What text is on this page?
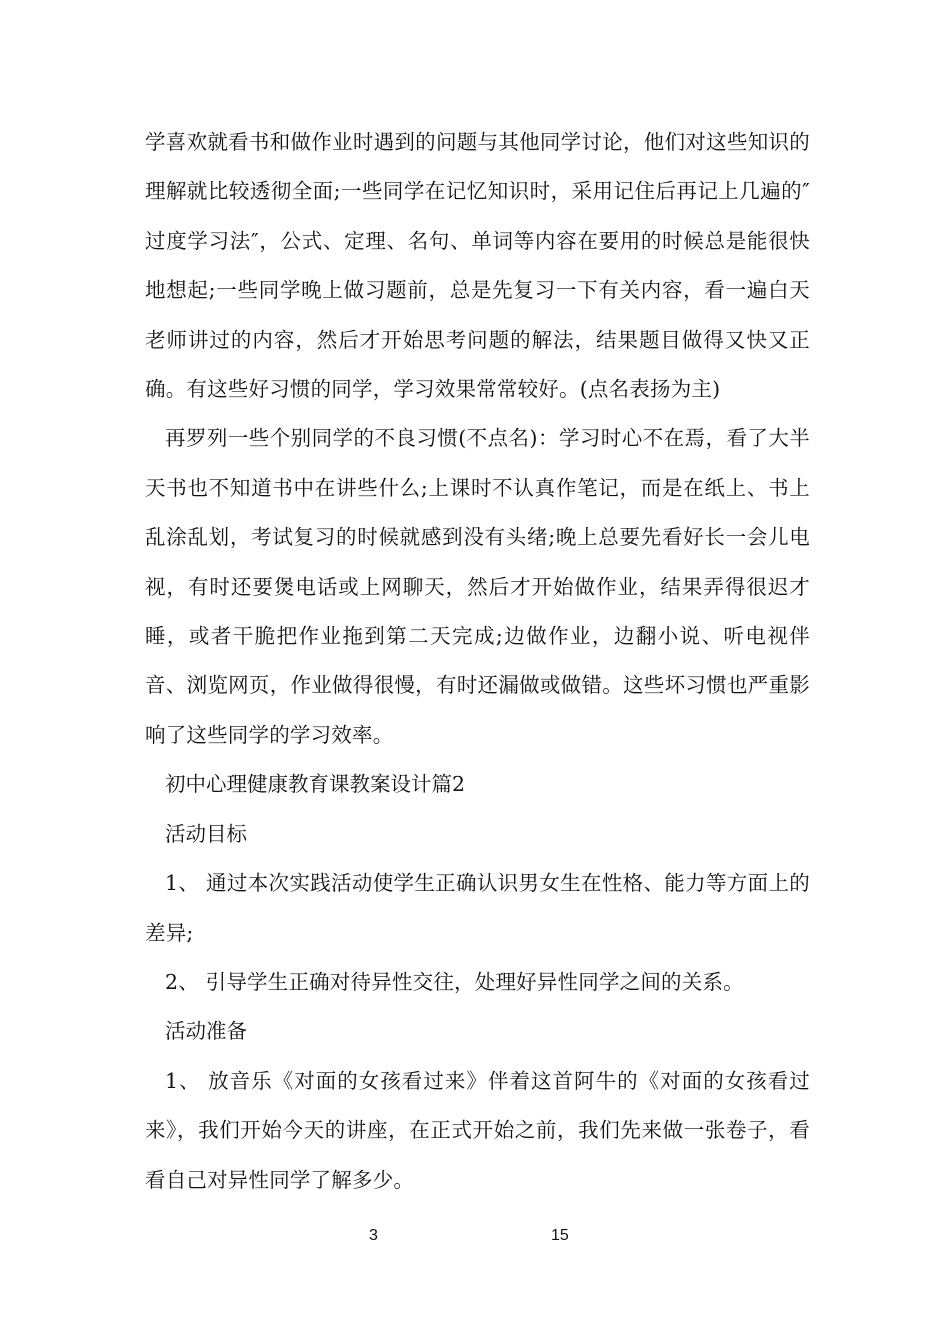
学喜欢就看书和做作业时遇到的问题与其他同学讨论，他们对这些知识的理解就比较透彻全面;一些同学在记忆知识时，采用记住后再记上几遍的″过度学习法″，公式、定理、名句、单词等内容在要用的时候总是能很快地想起;一些同学晚上做习题前，总是先复习一下有关内容，看一遍白天老师讲过的内容，然后才开始思考问题的解法，结果题目做得又快又正确。有这些好习惯的同学，学习效果常常较好。(点名表扬为主)

再罗列一些个别同学的不良习惯(不点名)：学习时心不在焉，看了大半天书也不知道书中在讲些什么;上课时不认真作笔记，而是在纸上、书上乱涂乱划，考试复习的时候就感到没有头绪;晚上总要先看好长一会儿电视，有时还要煲电话或上网聊天，然后才开始做作业，结果弄得很迟才睡，或者干脆把作业拖到第二天完成;边做作业，边翻小说、听电视伴音、浏览网页，作业做得很慢，有时还漏做或做错。这些坏习惯也严重影响了这些同学的学习效率。

初中心理健康教育课教案设计篇2

活动目标

1、 通过本次实践活动使学生正确认识男女生在性格、能力等方面上的差异;

2、 引导学生正确对待异性交往，处理好异性同学之间的关系。

活动准备

1、 放音乐《对面的女孩看过来》伴着这首阿牛的《对面的女孩看过来》，我们开始今天的讲座，在正式开始之前，我们先来做一张卷子，看看自己对异性同学了解多少。

3	15
